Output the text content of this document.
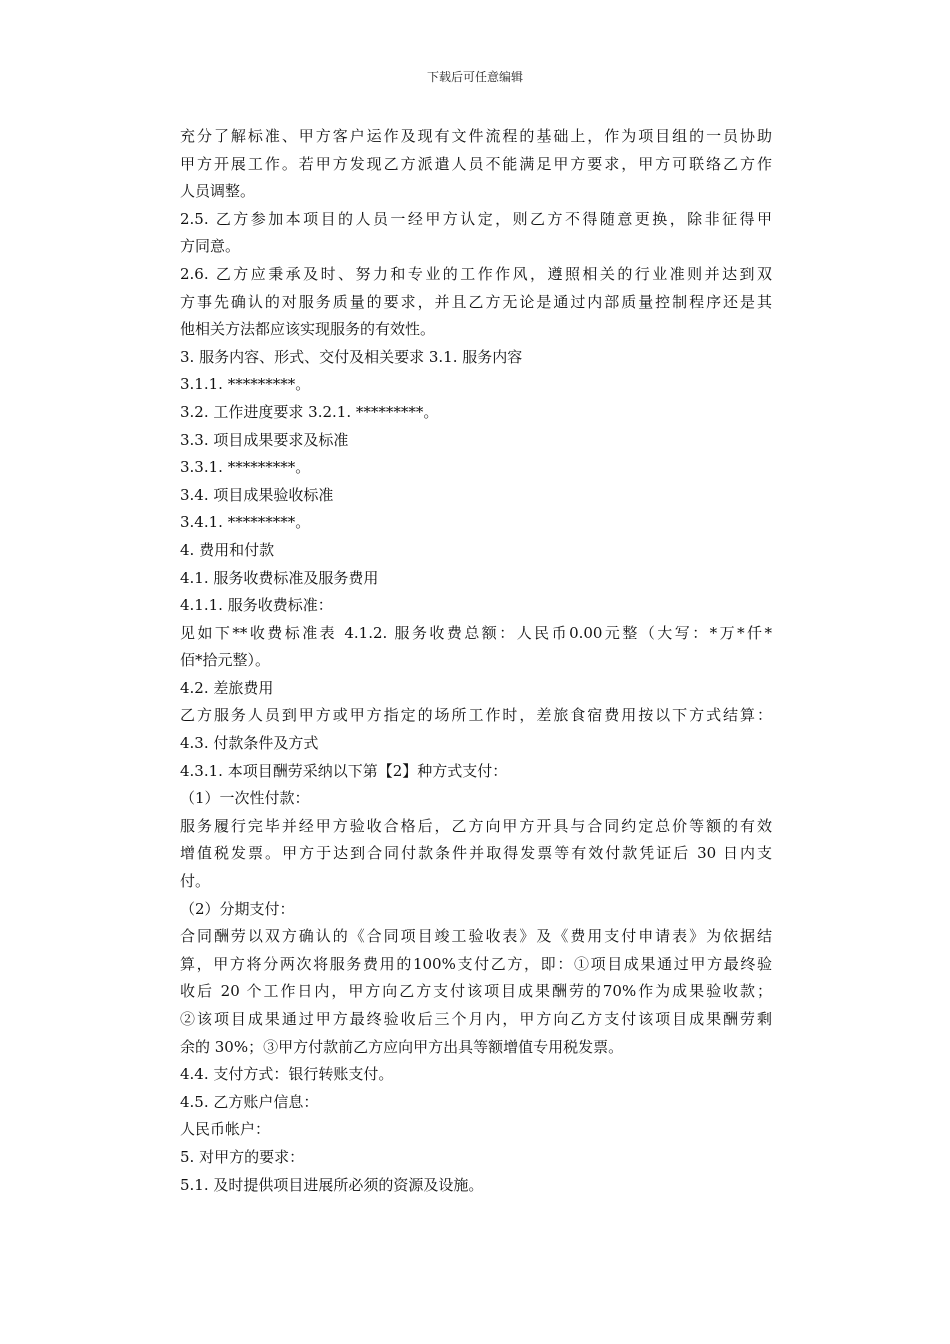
下载后可任意编辑
充分了解标准、甲方客户运作及现有文件流程的基础上，作为项目组的一员协助
甲方开展工作。若甲方发现乙方派遣人员不能满足甲方要求，甲方可联络乙方作
人员调整。
2.5. 乙方参加本项目的人员一经甲方认定，则乙方不得随意更换，除非征得甲
方同意。
2.6. 乙方应秉承及时、努力和专业的工作作风，遵照相关的行业准则并达到双
方事先确认的对服务质量的要求，并且乙方无论是通过内部质量控制程序还是其
他相关方法都应该实现服务的有效性。
3. 服务内容、形式、交付及相关要求 3.1. 服务内容
3.1.1. *********。
3.2. 工作进度要求 3.2.1. *********。
3.3. 项目成果要求及标准
3.3.1. *********。
3.4. 项目成果验收标准
3.4.1. *********。
4. 费用和付款
4.1. 服务收费标准及服务费用
4.1.1. 服务收费标准：
见如下**收费标准表 4.1.2. 服务收费总额：人民币0.00元整（大写：*万*仟*
佰*拾元整）。
4.2. 差旅费用
乙方服务人员到甲方或甲方指定的场所工作时，差旅食宿费用按以下方式结算：
4.3. 付款条件及方式
4.3.1. 本项目酬劳采纳以下第【2】种方式支付：
（1）一次性付款：
服务履行完毕并经甲方验收合格后，乙方向甲方开具与合同约定总价等额的有效
增值税发票。甲方于达到合同付款条件并取得发票等有效付款凭证后 30 日内支
付。
（2）分期支付：
合同酬劳以双方确认的《合同项目竣工验收表》及《费用支付申请表》为依据结
算，甲方将分两次将服务费用的100%支付乙方，即：①项目成果通过甲方最终验
收后 20 个工作日内，甲方向乙方支付该项目成果酬劳的70%作为成果验收款；
②该项目成果通过甲方最终验收后三个月内，甲方向乙方支付该项目成果酬劳剩
余的 30%；③甲方付款前乙方应向甲方出具等额增值专用税发票。
4.4. 支付方式：银行转账支付。
4.5. 乙方账户信息：
人民币帐户：
5. 对甲方的要求：
5.1. 及时提供项目进展所必须的资源及设施。
